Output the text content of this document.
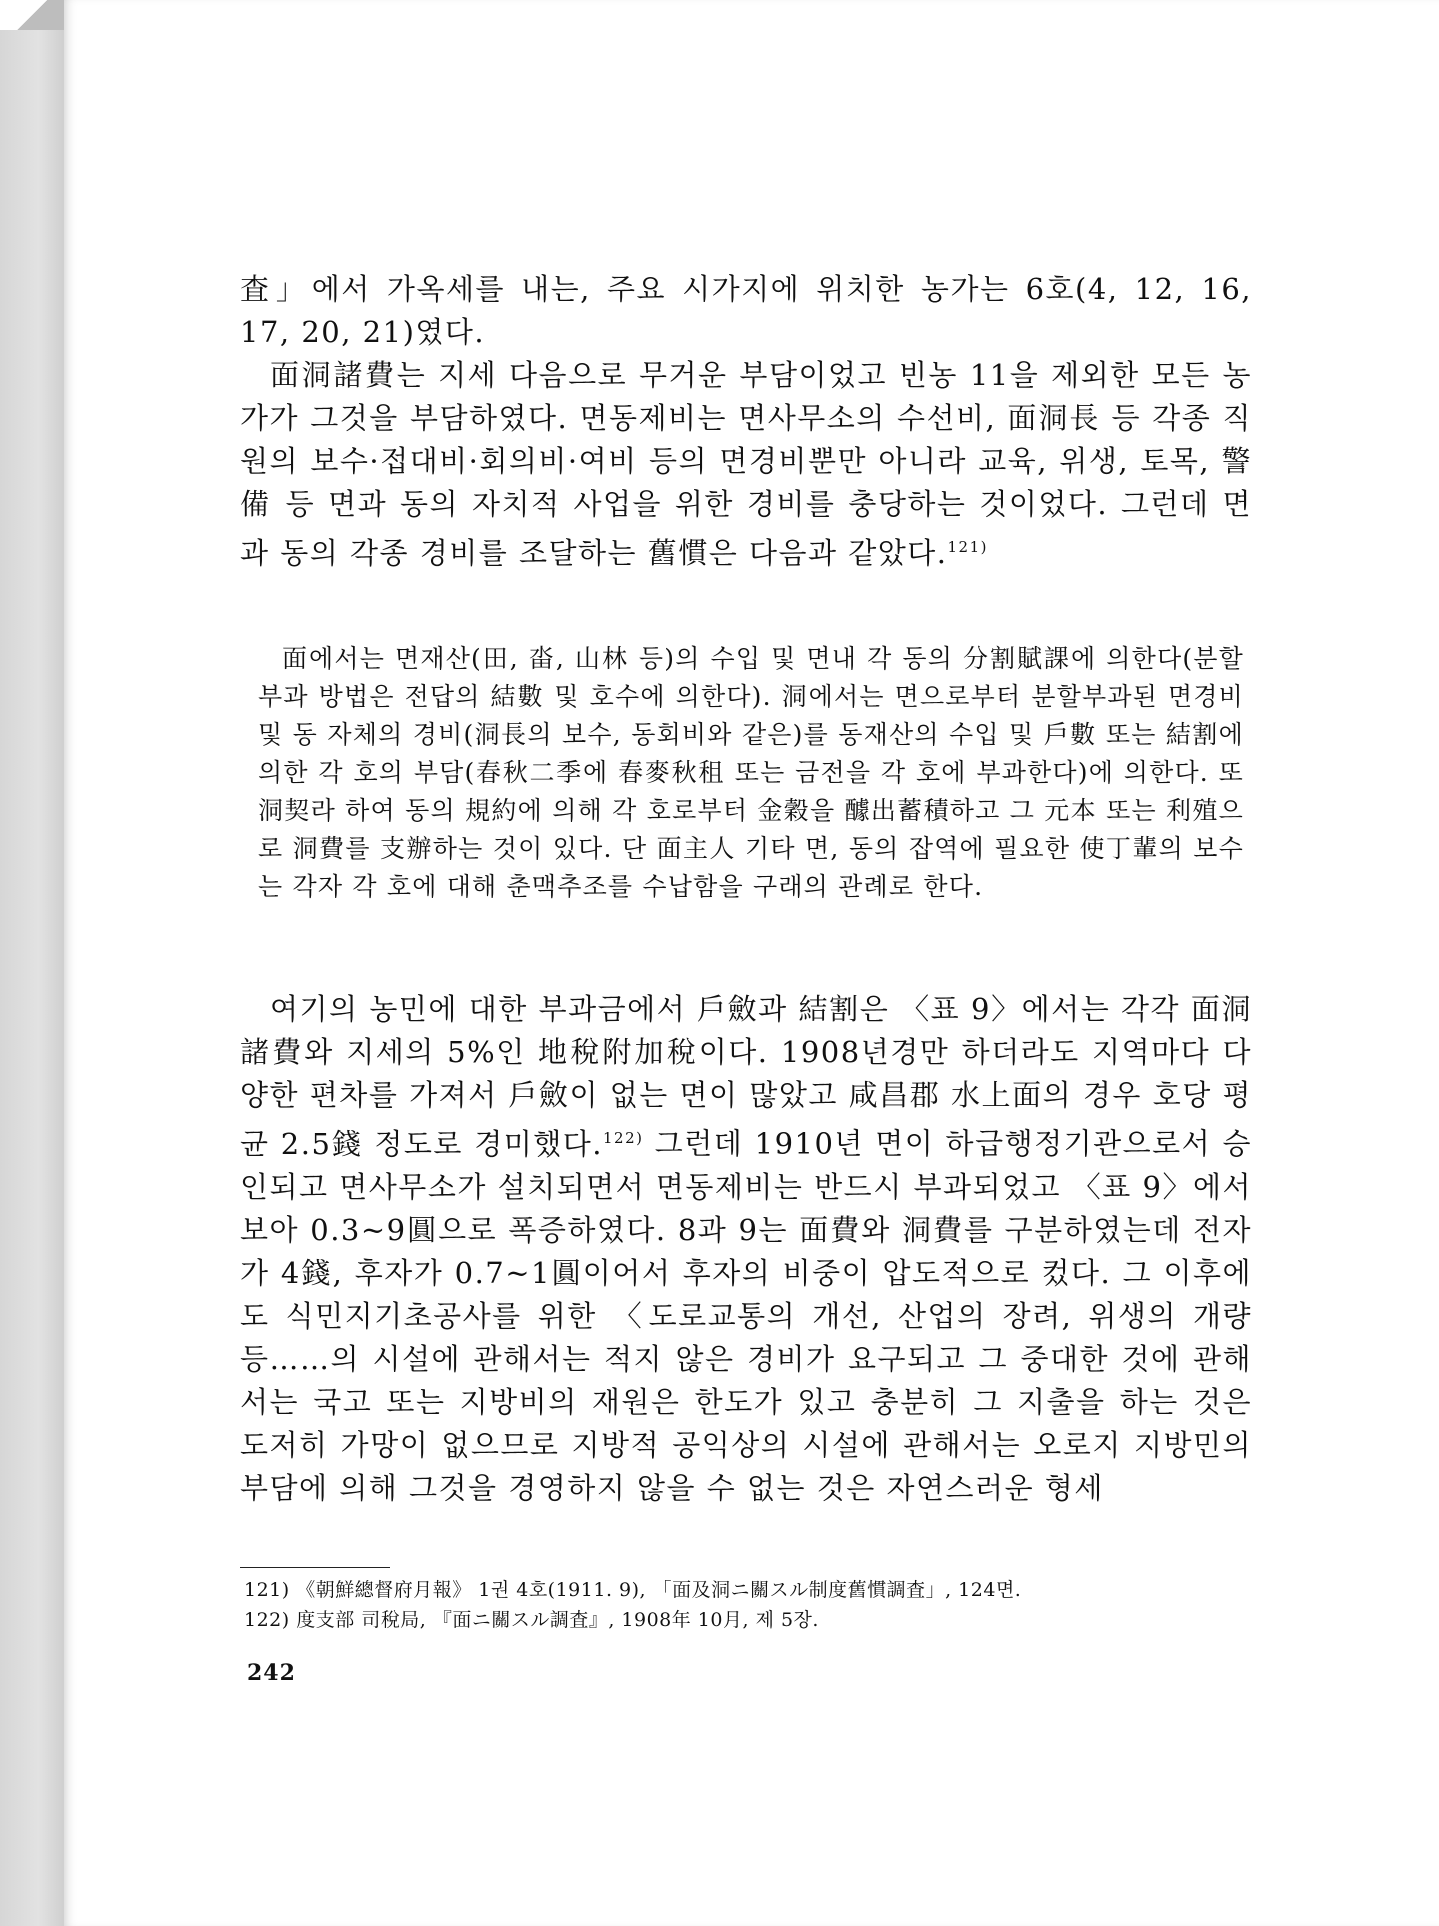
査」에서 가옥세를 내는, 주요 시가지에 위치한 농가는 6호(4, 12, 16, 17, 20, 21)였다.

面洞諸費는 지세 다음으로 무거운 부담이었고 빈농 11을 제외한 모든 농가가 그것을 부담하였다. 면동제비는 면사무소의 수선비, 面洞長 등 각종 직원의 보수·접대비·회의비·여비 등의 면경비뿐만 아니라 교육, 위생, 토목, 警備 등 면과 동의 자치적 사업을 위한 경비를 충당하는 것이었다. 그런데 면과 동의 각종 경비를 조달하는 舊慣은 다음과 같았다.$^{121)}$

面에서는 면재산(田, 畓, 山林 등)의 수입 및 면내 각 동의 分割賦課에 의한다(분할부과 방법은 전답의 結數 및 호수에 의한다). 洞에서는 면으로부터 분할부과된 면경비 및 동 자체의 경비(洞長의 보수, 동회비와 같은)를 동재산의 수입 및 戶數 또는 結割에 의한 각 호의 부담(春秋二季에 春麥秋租 또는 금전을 각 호에 부과한다)에 의한다. 또 洞契라 하여 동의 規約에 의해 각 호로부터 金穀을 醵出蓄積하고 그 元本 또는 利殖으로 洞費를 支辦하는 것이 있다. 단 面主人 기타 면, 동의 잡역에 필요한 使丁輩의 보수는 각자 각 호에 대해 춘맥추조를 수납함을 구래의 관례로 한다.

여기의 농민에 대한 부과금에서 戶斂과 結割은 〈표 9〉에서는 각각 面洞諸費와 지세의 5%인 地稅附加稅이다. 1908년경만 하더라도 지역마다 다양한 편차를 가져서 戶斂이 없는 면이 많았고 咸昌郡 水上面의 경우 호당 평균 2.5錢 정도로 경미했다.$^{122)}$ 그런데 1910년 면이 하급행정기관으로서 승인되고 면사무소가 설치되면서 면동제비는 반드시 부과되었고 〈표 9〉에서 보아 0.3~9圓으로 폭증하였다. 8과 9는 面費와 洞費를 구분하였는데 전자가 4錢, 후자가 0.7~1圓이어서 후자의 비중이 압도적으로 컸다. 그 이후에도 식민지기초공사를 위한 〈도로교통의 개선, 산업의 장려, 위생의 개량 등……의 시설에 관해서는 적지 않은 경비가 요구되고 그 중대한 것에 관해서는 국고 또는 지방비의 재원은 한도가 있고 충분히 그 지출을 하는 것은 도저히 가망이 없으므로 지방적 공익상의 시설에 관해서는 오로지 지방민의 부담에 의해 그것을 경영하지 않을 수 없는 것은 자연스러운 형세

121) 《朝鮮總督府月報》 1권 4호(1911. 9), 「面及洞ニ關スル制度舊慣調査」, 124면.

122) 度支部 司稅局, 『面ニ關スル調査』, 1908年 10月, 제 5장.

242
